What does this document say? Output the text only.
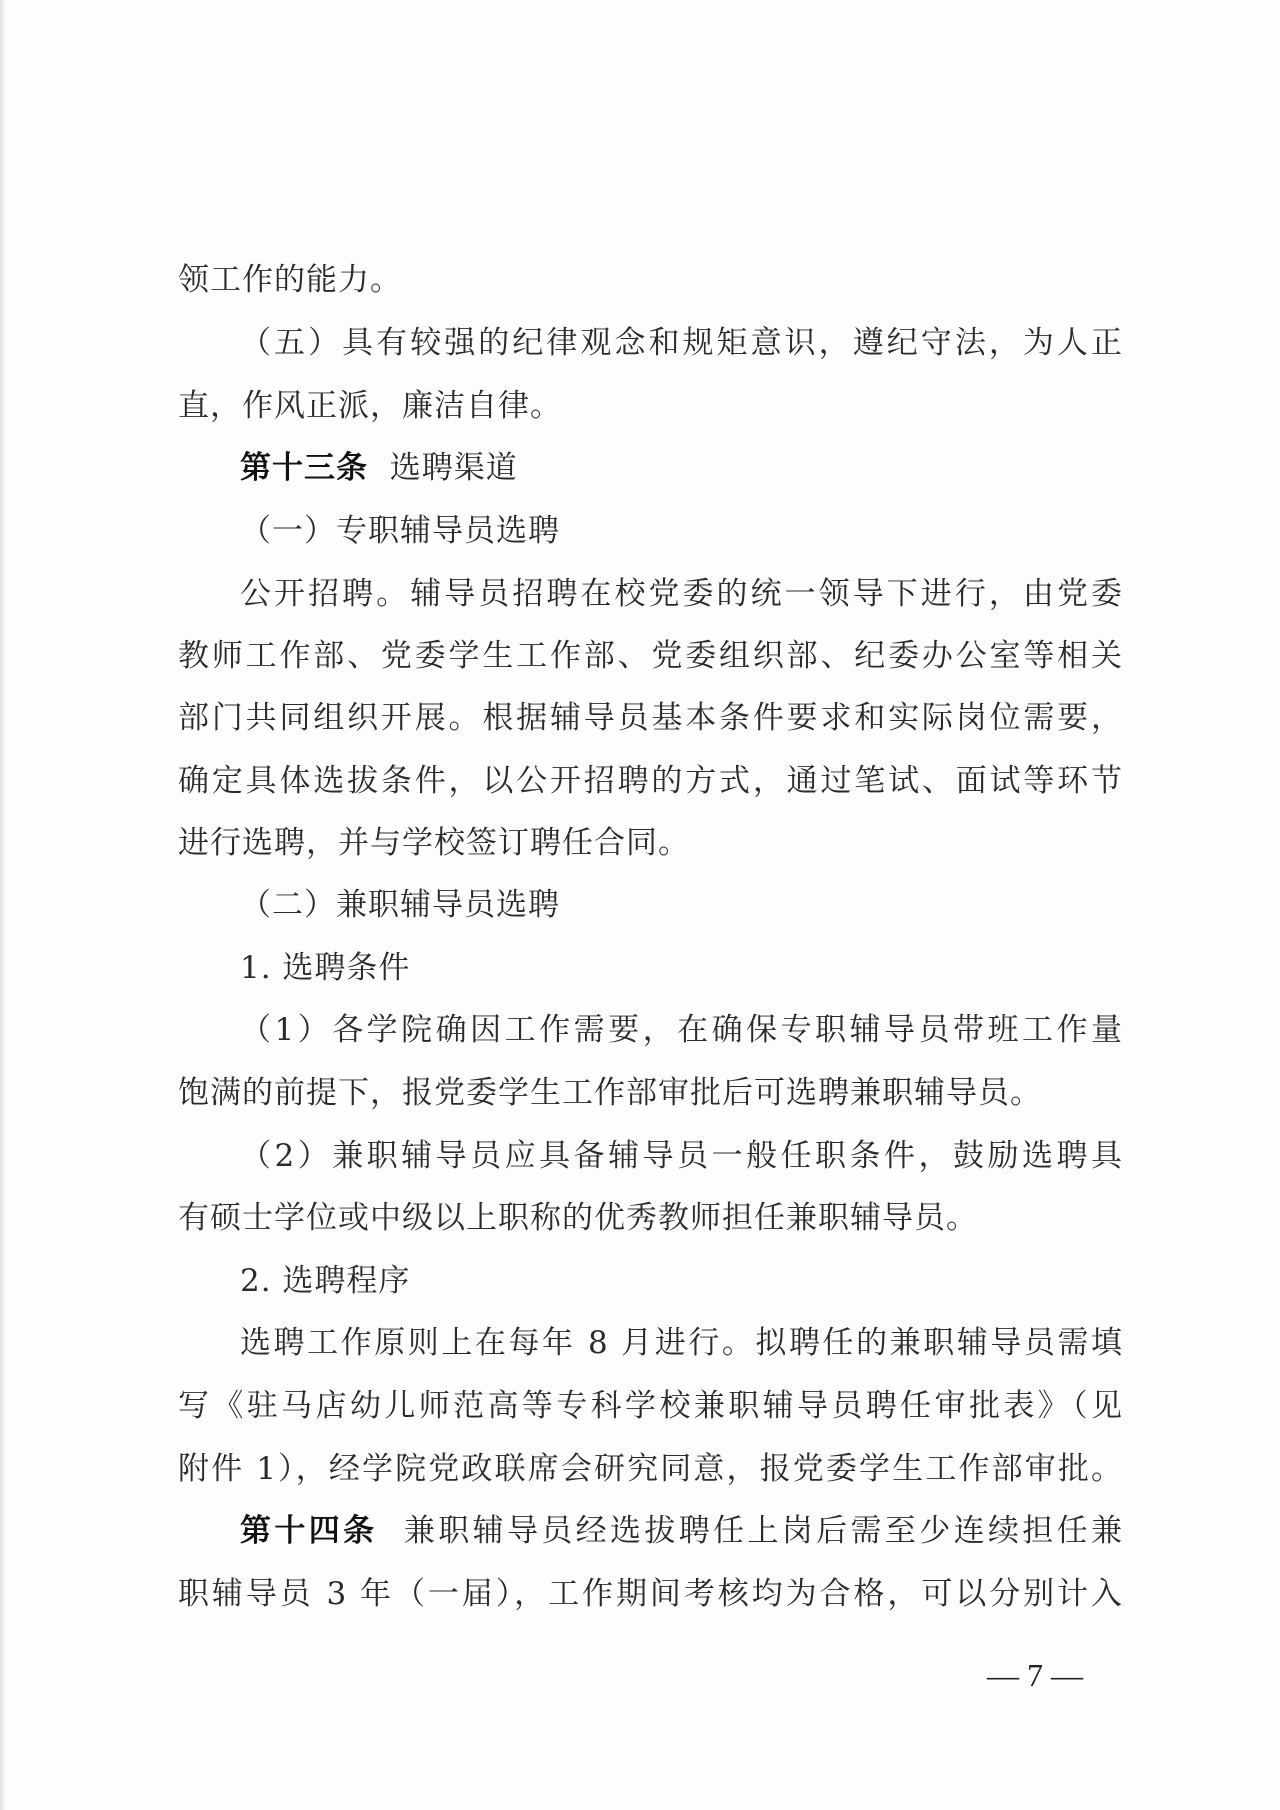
领工作的能力。
（五）具有较强的纪律观念和规矩意识，遵纪守法，为人正
直，作风正派，廉洁自律。
第十三条 选聘渠道
（一）专职辅导员选聘
公开招聘。辅导员招聘在校党委的统一领导下进行，由党委
教师工作部、党委学生工作部、党委组织部、纪委办公室等相关
部门共同组织开展。根据辅导员基本条件要求和实际岗位需要，
确定具体选拔条件，以公开招聘的方式，通过笔试、面试等环节
进行选聘，并与学校签订聘任合同。
（二）兼职辅导员选聘
1. 选聘条件
（1）各学院确因工作需要，在确保专职辅导员带班工作量
饱满的前提下，报党委学生工作部审批后可选聘兼职辅导员。
（2）兼职辅导员应具备辅导员一般任职条件，鼓励选聘具
有硕士学位或中级以上职称的优秀教师担任兼职辅导员。
2. 选聘程序
选聘工作原则上在每年 8 月进行。拟聘任的兼职辅导员需填
写《驻马店幼儿师范高等专科学校兼职辅导员聘任审批表》（见
附件 1），经学院党政联席会研究同意，报党委学生工作部审批。
第十四条 兼职辅导员经选拔聘任上岗后需至少连续担任兼
职辅导员 3 年（一届），工作期间考核均为合格，可以分别计入
— 7 —
